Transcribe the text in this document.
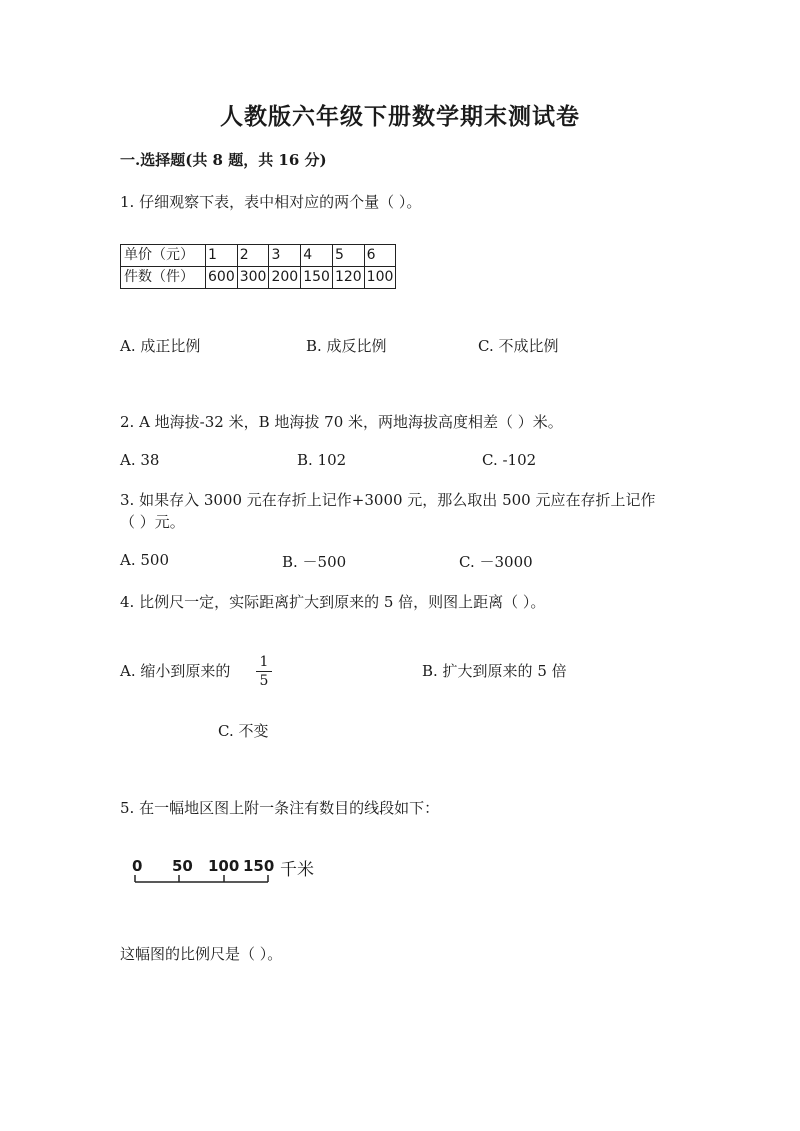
人教版六年级下册数学期末测试卷
一.选择题(共 8 题，共 16 分)
1. 仔细观察下表，表中相对应的两个量（ ）。
单价（元）	1	2	3	4	5	6
件数（件）	600	300	200	150	120	100
A. 成正比例	B. 成反比例	C. 不成比例
2. A 地海拔-32 米，B 地海拔 70 米，两地海拔高度相差（ ）米。
A. 38	B. 102	C. -102
3. 如果存入 3000 元在存折上记作+3000 元，那么取出 500 元应在存折上记作
（ ）元。
A. 500	B. －500	C. －3000
4. 比例尺一定，实际距离扩大到原来的 5 倍，则图上距离（ ）。
A. 缩小到原来的 1
5
B. 扩大到原来的 5 倍
C. 不变
5. 在一幅地区图上附一条注有数目的线段如下：
0 50 100 150 千米
这幅图的比例尺是（ ）。
